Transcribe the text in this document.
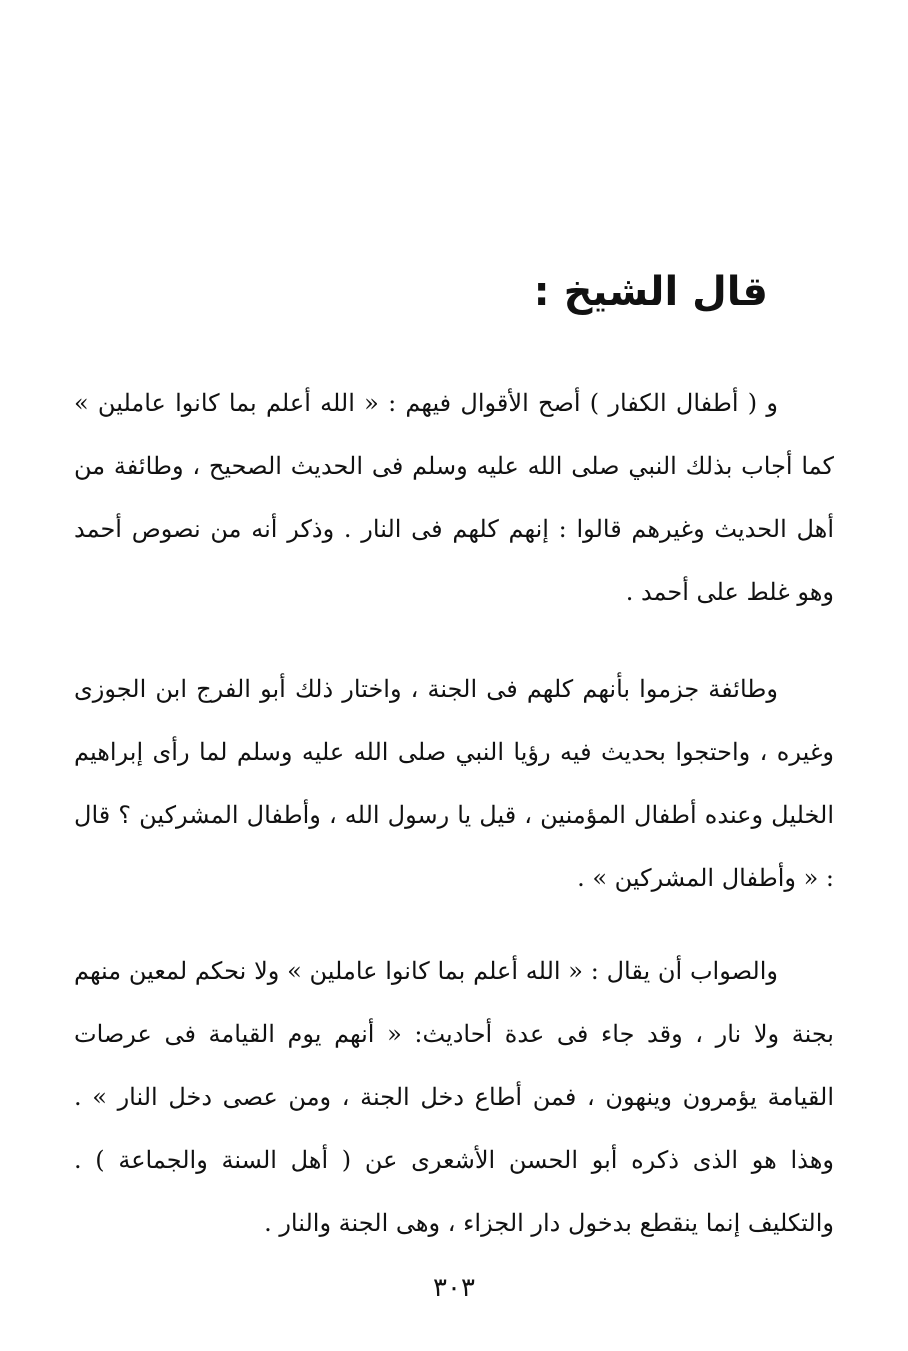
قال الشيخ :

و ( أطفال الكفار ) أصح الأقوال فيهم : « الله أعلم بما كانوا عاملين » كما أجاب بذلك النبي صلى الله عليه وسلم فى الحديث الصحيح ، وطائفة من أهل الحديث وغيرهم قالوا : إنهم كلهم فى النار . وذكر أنه من نصوص أحمد وهو غلط على أحمد .

وطائفة جزموا بأنهم كلهم فى الجنة ، واختار ذلك أبو الفرج ابن الجوزى وغيره ، واحتجوا بحديث فيه رؤيا النبي صلى الله عليه وسلم لما رأى إبراهيم الخليل وعنده أطفال المؤمنين ، قيل يا رسول الله ، وأطفال المشركين ؟ قال : « وأطفال المشركين » .

والصواب أن يقال : « الله أعلم بما كانوا عاملين » ولا نحكم لمعين منهم بجنة ولا نار ، وقد جاء فى عدة أحاديث: « أنهم يوم القيامة فى عرصات القيامة يؤمرون وينهون ، فمن أطاع دخل الجنة ، ومن عصى دخل النار » . وهذا هو الذى ذكره أبو الحسن الأشعرى عن ( أهل السنة والجماعة ) . والتكليف إنما ينقطع بدخول دار الجزاء ، وهى الجنة والنار .

٣٠٣
